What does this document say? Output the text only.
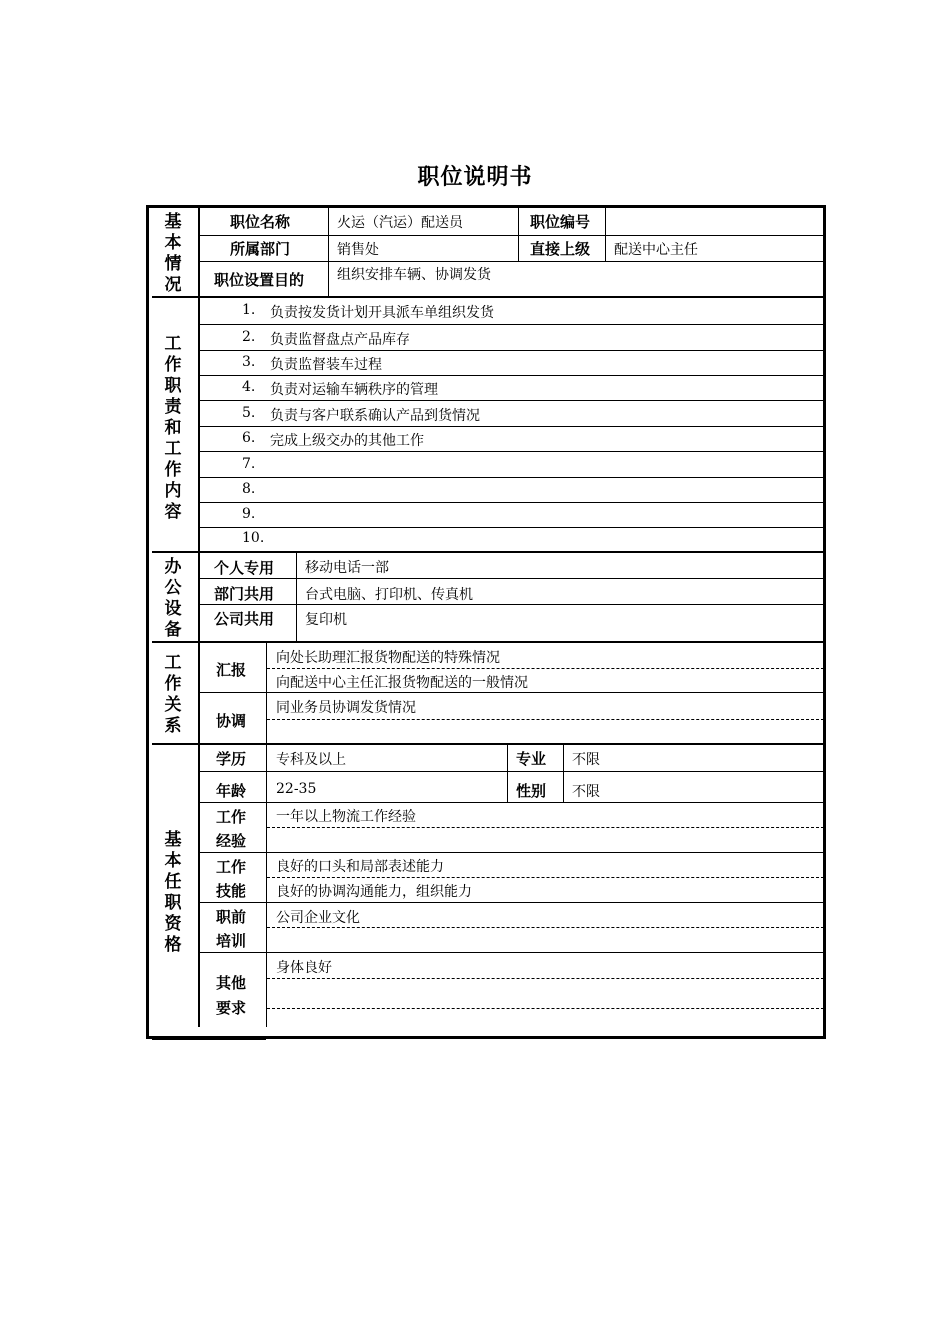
职位说明书
基本情况
职位名称	火运（汽运）配送员	职位编号
所属部门	销售处	直接上级 配送中心主任
职位设置目的 组织安排车辆、协调发货
工作职责和工作内容
1. 负责按发货计划开具派车单组织发货
2. 负责监督盘点产品库存
3. 负责监督装车过程
4. 负责对运输车辆秩序的管理
5. 负责与客户联系确认产品到货情况
6. 完成上级交办的其他工作
7.
8.
9.
10.
办公设备
个人专用 移动电话一部
部门共用 台式电脑、打印机、传真机
公司共用 复印机
工作关系
汇报
向处长助理汇报货物配送的特殊情况
向配送中心主任汇报货物配送的一般情况
协调
同业务员协调发货情况
基本任职资格
学历 专科及以上	专业 不限
年龄 22-35	性别 不限
工作
经验
一年以上物流工作经验
工作
技能
良好的口头和局部表述能力
良好的协调沟通能力，组织能力
职前
培训
公司企业文化
其他
要求
身体良好
